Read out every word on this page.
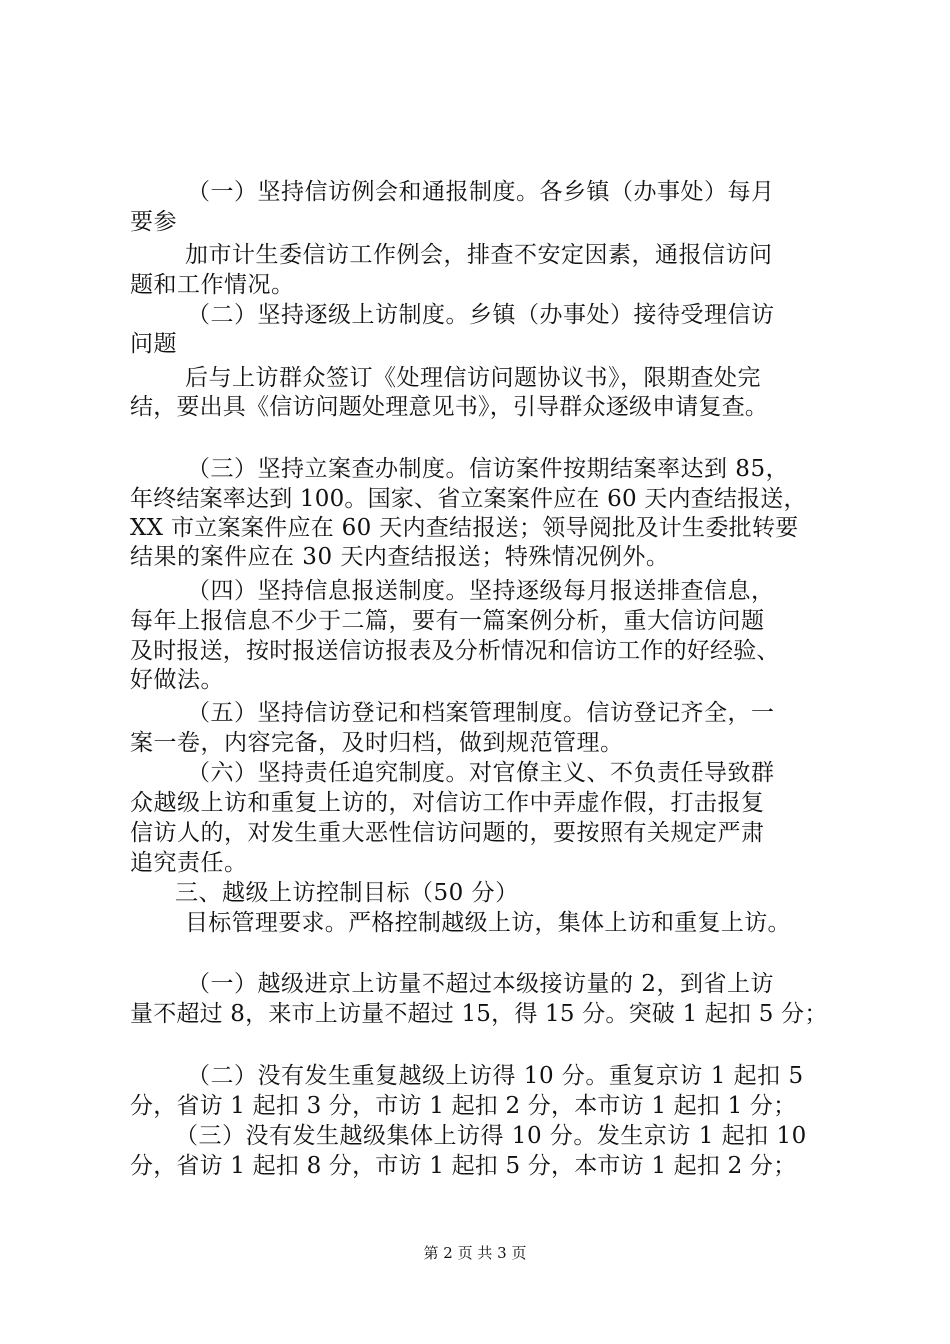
（一）坚持信访例会和通报制度。各乡镇（办事处）每月
要参
加市计生委信访工作例会，排查不安定因素，通报信访问
题和工作情况。
（二）坚持逐级上访制度。乡镇（办事处）接待受理信访
问题
后与上访群众签订《处理信访问题协议书》，限期查处完
结，要出具《信访问题处理意见书》，引导群众逐级申请复查。
（三）坚持立案查办制度。信访案件按期结案率达到 85，
年终结案率达到 100。国家、省立案案件应在 60 天内查结报送，
XX 市立案案件应在 60 天内查结报送；领导阅批及计生委批转要
结果的案件应在 30 天内查结报送；特殊情况例外。
（四）坚持信息报送制度。坚持逐级每月报送排查信息，
每年上报信息不少于二篇，要有一篇案例分析，重大信访问题
及时报送，按时报送信访报表及分析情况和信访工作的好经验、
好做法。
（五）坚持信访登记和档案管理制度。信访登记齐全，一
案一卷，内容完备，及时归档，做到规范管理。
（六）坚持责任追究制度。对官僚主义、不负责任导致群
众越级上访和重复上访的，对信访工作中弄虚作假，打击报复
信访人的，对发生重大恶性信访问题的，要按照有关规定严肃
追究责任。
三、越级上访控制目标（50 分）
目标管理要求。严格控制越级上访，集体上访和重复上访。
（一）越级进京上访量不超过本级接访量的 2，到省上访
量不超过 8，来市上访量不超过 15，得 15 分。突破 1 起扣 5 分；
（二）没有发生重复越级上访得 10 分。重复京访 1 起扣 5
分，省访 1 起扣 3 分，市访 1 起扣 2 分，本市访 1 起扣 1 分；
（三）没有发生越级集体上访得 10 分。发生京访 1 起扣 10
分，省访 1 起扣 8 分，市访 1 起扣 5 分，本市访 1 起扣 2 分；
第 2 页 共 3 页
